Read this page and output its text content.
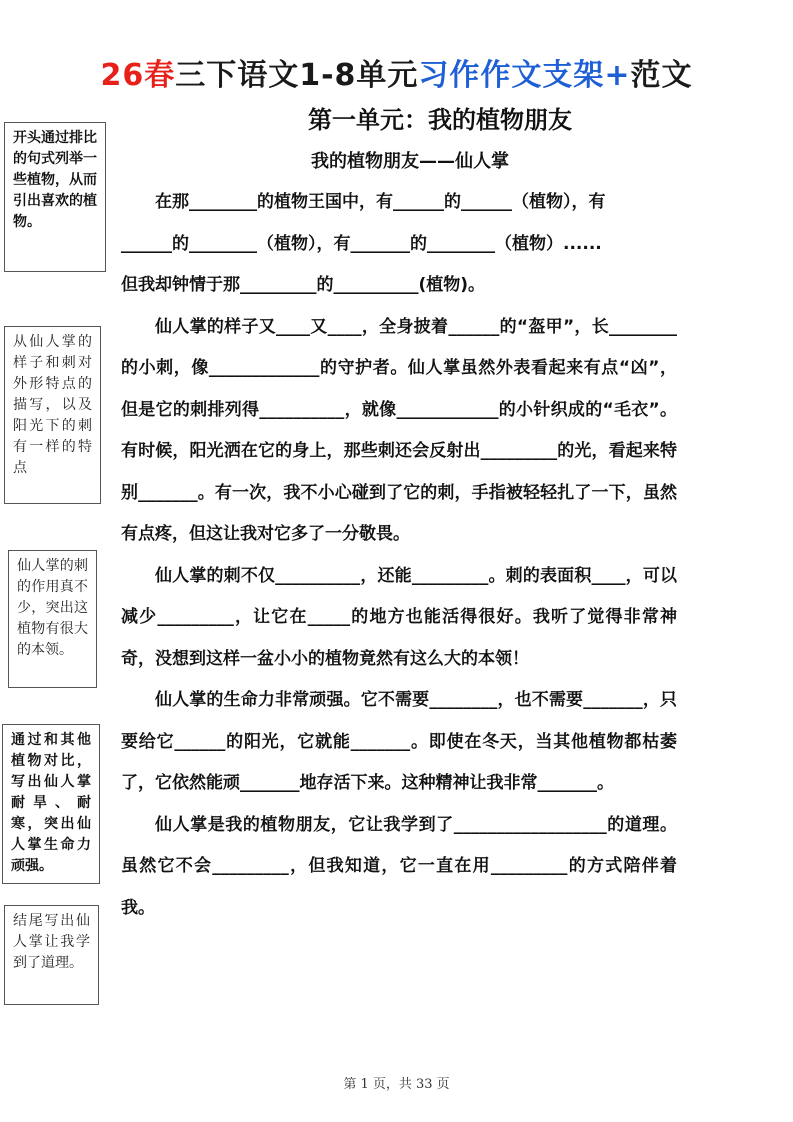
26春三下语文1-8单元习作作文支架+范文
第一单元：我的植物朋友
我的植物朋友——仙人掌

在那________的植物王国中，有______的______（植物），有

______的________（植物），有_______的________（植物）......

但我却钟情于那_________的__________(植物)。

仙人掌的样子又____又____，全身披着______的“盔甲”，长________的小刺，像_____________的守护者。仙人掌虽然外表看起来有点“凶”，但是它的刺排列得__________，就像____________的小针织成的“毛衣”。有时候，阳光洒在它的身上，那些刺还会反射出_________的光，看起来特别_______。有一次，我不小心碰到了它的刺，手指被轻轻扎了一下，虽然有点疼，但这让我对它多了一分敬畏。

仙人掌的刺不仅__________，还能_________。刺的表面积____，可以减少_________，让它在_____的地方也能活得很好。我听了觉得非常神奇，没想到这样一盆小小的植物竟然有这么大的本领！

仙人掌的生命力非常顽强。它不需要________，也不需要_______，只要给它______的阳光，它就能_______。即使在冬天，当其他植物都枯萎了，它依然能顽_______地存活下来。这种精神让我非常_______。

仙人掌是我的植物朋友，它让我学到了__________________的道理。虽然它不会_________，但我知道，它一直在用_________的方式陪伴着我。

开头通过排比的句式列举一些植物，从而引出喜欢的植物。
从仙人掌的样子和刺对外形特点的描写，以及阳光下的刺有一样的特点
仙人掌的刺的作用真不少，突出这植物有很大的本领。
通过和其他植物对比，写出仙人掌耐旱、耐寒，突出仙人掌生命力顽强。
结尾写出仙人掌让我学到了道理。
第 1 页，共 33 页
